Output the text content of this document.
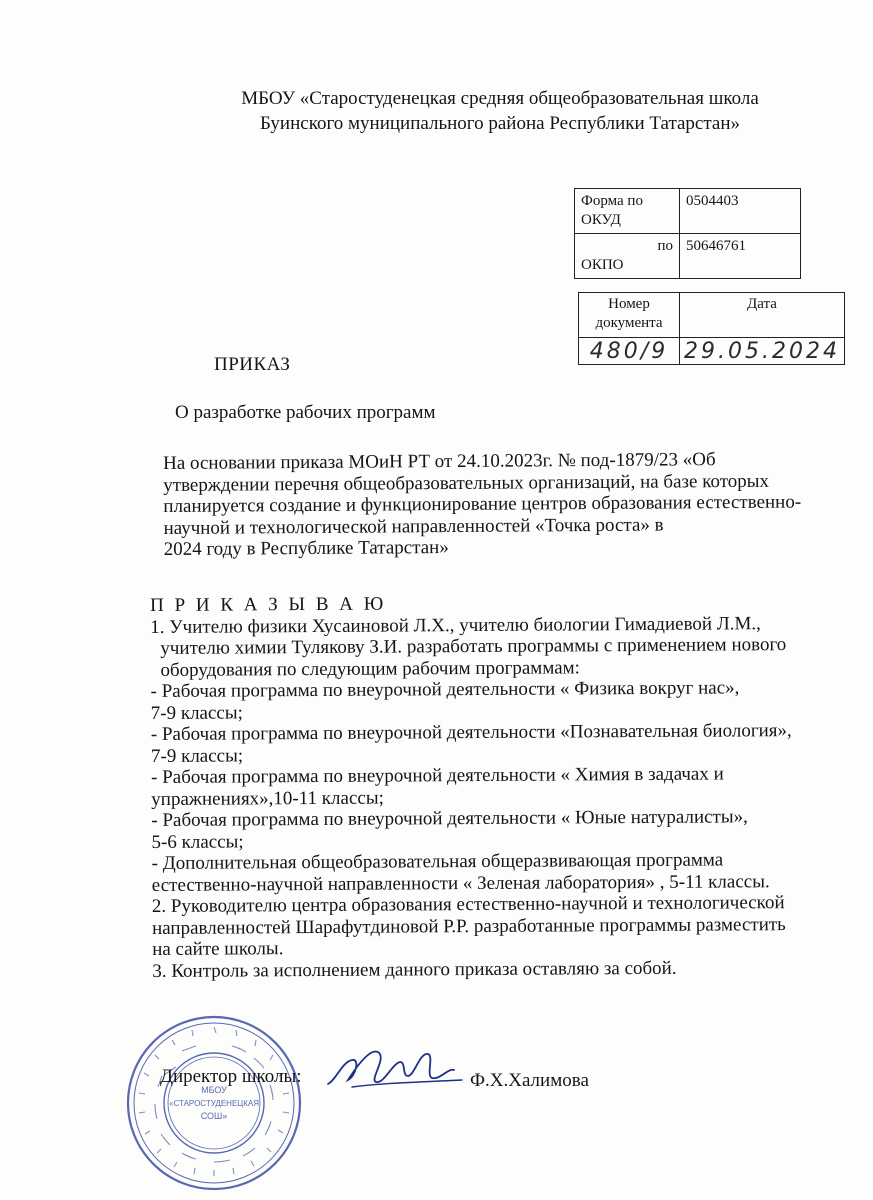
МБОУ «Старостуденецкая средняя общеобразовательная школа
Буинского муниципального района Республики Татарстан»
Форма по
ОКУД	0504403
по
ОКПО	50646761
Номер
документа	Дата
480/9	29.05.2024
ПРИКАЗ
О разработке рабочих программ

На основании приказа МОиН РТ от 24.10.2023г. № под-1879/23 «Об

утверждении перечня общеобразовательных организаций, на базе которых

планируется создание и функционирование центров образования естественно-

научной и технологической направленностей «Точка роста» в

2024 году в Республике Татарстан»

П Р И К А З Ы В А Ю

1. Учителю физики Хусаиновой Л.Х., учителю биологии Гимадиевой Л.М.,

учителю химии Тулякову З.И. разработать программы с применением нового

оборудования по следующим рабочим программам:

- Рабочая программа по внеурочной деятельности « Физика вокруг нас»,

7-9 классы;

- Рабочая программа по внеурочной деятельности «Познавательная биология»,

7-9 классы;

- Рабочая программа по внеурочной деятельности « Химия в задачах и

упражнениях»,10-11 классы;

- Рабочая программа по внеурочной деятельности « Юные натуралисты»,

5-6 классы;

- Дополнительная общеобразовательная общеразвивающая программа

естественно-научной направленности « Зеленая лаборатория» , 5-11 классы.

2. Руководителю центра образования естественно-научной и технологической

направленностей Шарафутдиновой Р.Р. разработанные программы разместить

на сайте школы.

3. Контроль за исполнением данного приказа оставляю за собой.

МБОУ
«СТАРОСТУДЕНЕЦКАЯ
СОШ»
Директор школы:	Ф.Х.Халимова
